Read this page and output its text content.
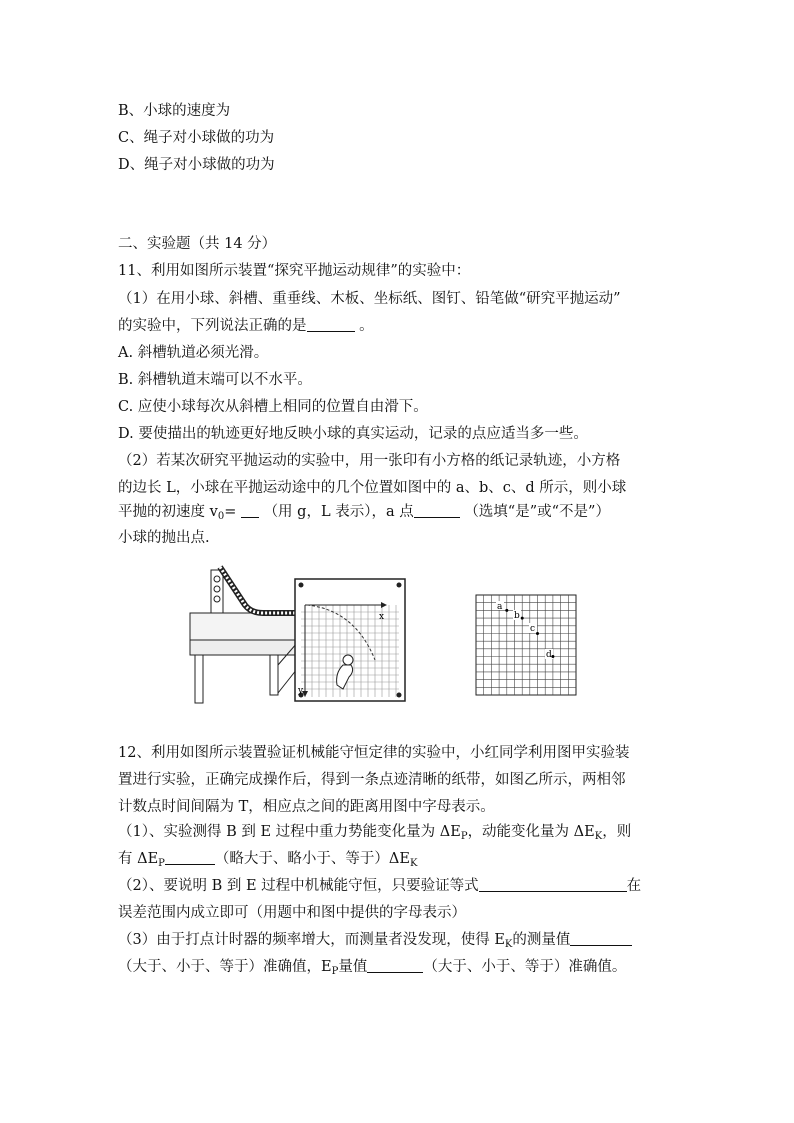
B、小球的速度为
C、绳子对小球做的功为
D、绳子对小球做的功为
二、实验题（共 14 分）
11、利用如图所示装置“探究平抛运动规律”的实验中：
（1）在用小球、斜槽、重垂线、木板、坐标纸、图钉、铅笔做“研究平抛运动”
的实验中，下列说法正确的是	。
A. 斜槽轨道必须光滑。
B. 斜槽轨道末端可以不水平。
C. 应使小球每次从斜槽上相同的位置自由滑下。
D. 要使描出的轨迹更好地反映小球的真实运动，记录的点应适当多一些。
（2）若某次研究平抛运动的实验中，用一张印有小方格的纸记录轨迹，小方格
的边长 L，小球在平抛运动途中的几个位置如图中的 a、b、c、d 所示，则小球
平抛的初速度 $v_0=$ （用 g，L 表示），a 点	（选填“是”或“不是”）
小球的抛出点.
x
y
a
b
c
d
12、利用如图所示装置验证机械能守恒定律的实验中，小红同学利用图甲实验装
置进行实验，正确完成操作后，得到一条点迹清晰的纸带，如图乙所示，两相邻
计数点时间间隔为 T，相应点之间的距离用图中字母表示。
（1）、实验测得 B 到 E 过程中重力势能变化量为 $\Delta E_P$，动能变化量为 $\Delta E_K$，则
有 $\Delta E_P$	（略大于、略小于、等于）$\Delta E_K$
（2）、要说明 B 到 E 过程中机械能守恒，只要验证等式	在
误差范围内成立即可（用题中和图中提供的字母表示）
（3）由于打点计时器的频率增大，而测量者没发现，使得 $E_K$的测量值
（大于、小于、等于）准确值，$E_P$量值	（大于、小于、等于）准确值。
